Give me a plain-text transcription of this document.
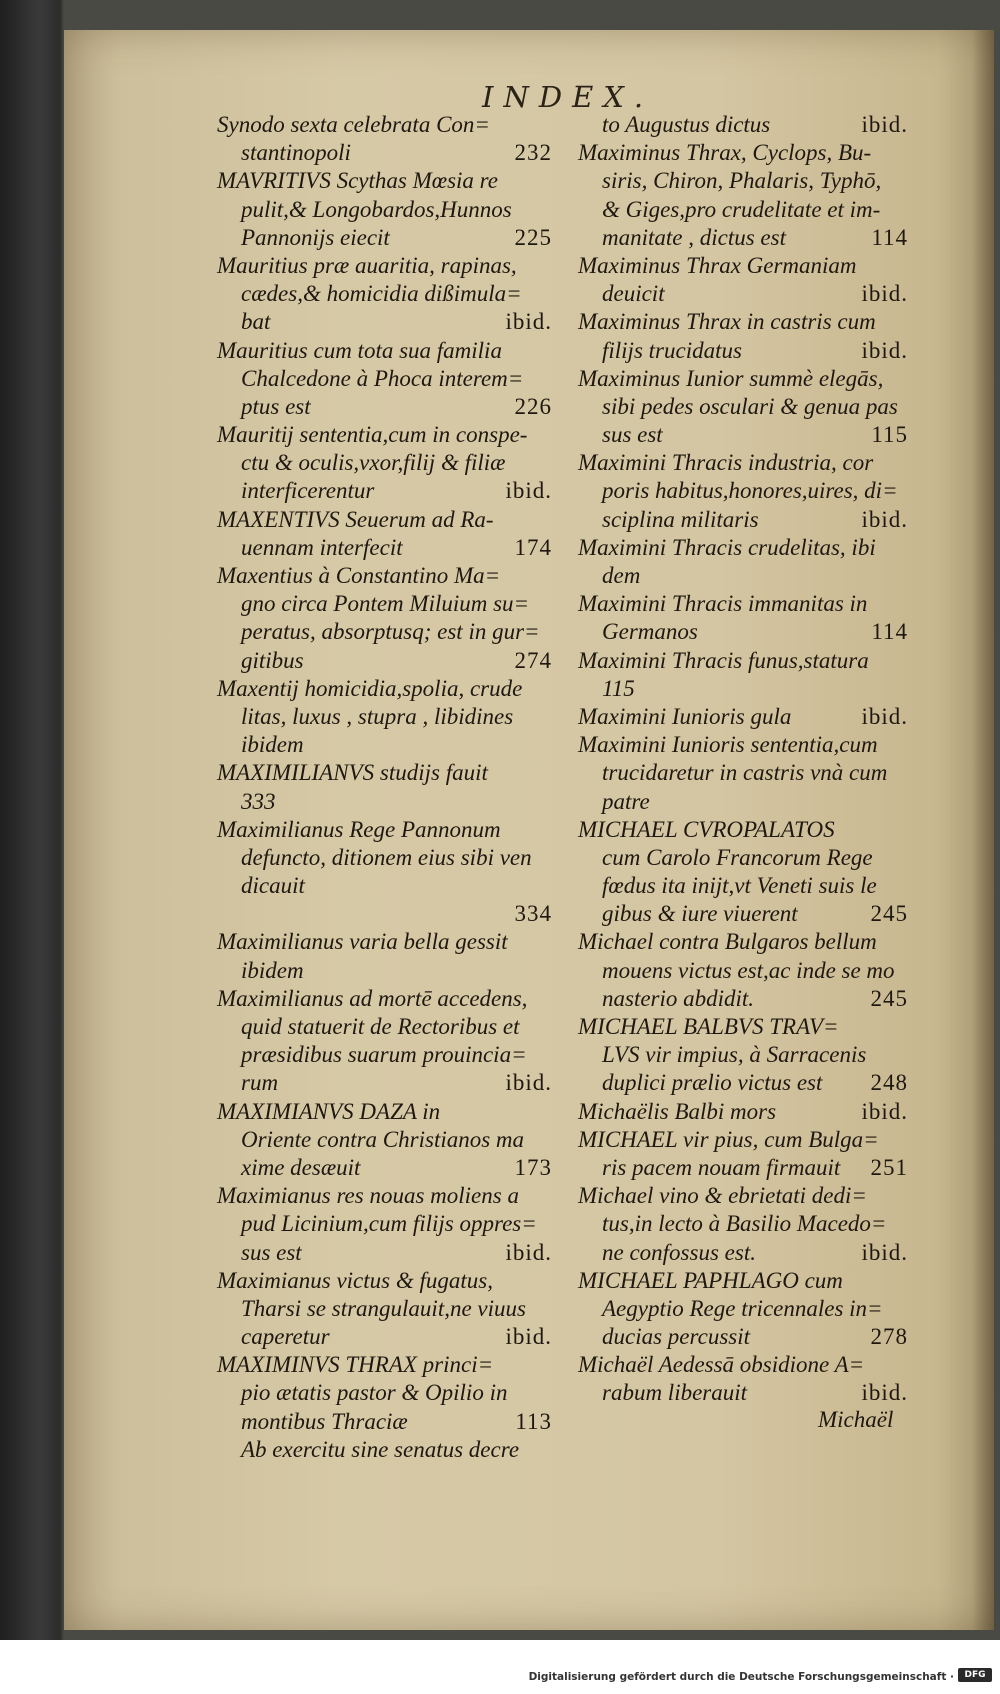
INDEX.
Synodo sexta celebrata Con=
stantinopoli	232
MAVRITIVS Scythas Mœsia re
pulit,& Longobardos,Hunnos
Pannonijs eiecit	225
Mauritius præ auaritia, rapinas,
cædes,& homicidia dißimula=
bat	ibid.
Mauritius cum tota sua familia
Chalcedone à Phoca interem=
ptus est	226
Mauritij sententia,cum in conspe-
ctu & oculis,vxor,filij & filiæ
interficerentur	ibid.
MAXENTIVS Seuerum ad Ra-
uennam interfecit	174
Maxentius à Constantino Ma=
gno circa Pontem Miluium su=
peratus, absorptusq; est in gur=
gitibus	274
Maxentij homicidia,spolia, crude
litas, luxus , stupra , libidines
ibidem
MAXIMILIANVS studijs fauit
333
Maximilianus Rege Pannonum
defuncto, ditionem eius sibi ven
dicauit
334
Maximilianus varia bella gessit
ibidem
Maximilianus ad mortē accedens,
quid statuerit de Rectoribus et
præsidibus suarum prouincia=
rum	ibid.
MAXIMIANVS DAZA in
Oriente contra Christianos ma
xime desæuit	173
Maximianus res nouas moliens a
pud Licinium,cum filijs oppres=
sus est	ibid.
Maximianus victus & fugatus,
Tharsi se strangulauit,ne viuus
caperetur	ibid.
MAXIMINVS THRAX princi=
pio ætatis pastor & Opilio in
montibus Thraciæ	113
Ab exercitu sine senatus decre
to Augustus dictus	ibid.
Maximinus Thrax, Cyclops, Bu-
siris, Chiron, Phalaris, Typhō,
& Giges,pro crudelitate et im-
manitate , dictus est	114
Maximinus Thrax Germaniam
deuicit	ibid.
Maximinus Thrax in castris cum
filijs trucidatus	ibid.
Maximinus Iunior summè elegās,
sibi pedes osculari & genua pas
sus est	115
Maximini Thracis industria, cor
poris habitus,honores,uires, di=
sciplina militaris	ibid.
Maximini Thracis crudelitas, ibi
dem
Maximini Thracis immanitas in
Germanos	114
Maximini Thracis funus,statura
115
Maximini Iunioris gula	ibid.
Maximini Iunioris sententia,cum
trucidaretur in castris vnà cum
patre
MICHAEL CVROPALATOS
cum Carolo Francorum Rege
fœdus ita inijt,vt Veneti suis le
gibus & iure viuerent	245
Michael contra Bulgaros bellum
mouens victus est,ac inde se mo
nasterio abdidit.	245
MICHAEL BALBVS TRAV=
LVS vir impius, à Sarracenis
duplici prælio victus est 248
Michaëlis Balbi mors	ibid.
MICHAEL vir pius, cum Bulga=
ris pacem nouam firmauit 251
Michael vino & ebrietati dedi=
tus,in lecto à Basilio Macedo=
ne confossus est.	ibid.
MICHAEL PAPHLAGO cum
Aegyptio Rege tricennales in=
ducias percussit	278
Michaël Aedessā obsidione A=
rabum liberauit	ibid.
Michaël
Digitalisierung gefördert durch die Deutsche Forschungsgemeinschaft ·	DFG
